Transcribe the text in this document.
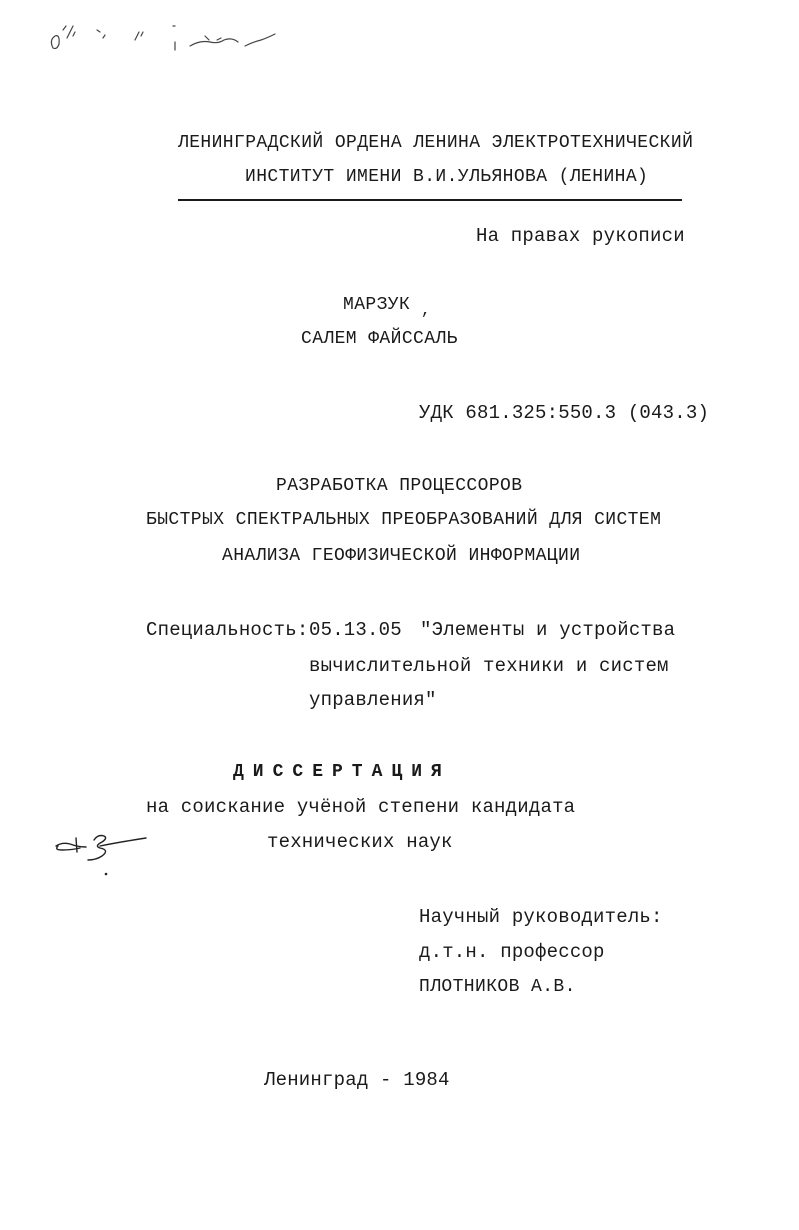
ЛЕНИНГРАДСКИЙ ОРДЕНА ЛЕНИНА ЭЛЕКТРОТЕХНИЧЕСКИЙ
ИНСТИТУТ ИМЕНИ В.И.УЛЬЯНОВА (ЛЕНИНА)
На правах рукописи
МАРЗУК ,
САЛЕМ ФАЙССАЛЬ
УДК 681.325:550.3 (043.3)
РАЗРАБОТКА ПРОЦЕССОРОВ
БЫСТРЫХ СПЕКТРАЛЬНЫХ ПРЕОБРАЗОВАНИЙ ДЛЯ СИСТЕМ
АНАЛИЗА ГЕОФИЗИЧЕСКОЙ ИНФОРМАЦИИ
Специальность: 05.13.05 "Элементы и устройства
вычислительной техники и систем
управления"
ДИССЕРТАЦИЯ
на соискание учёной степени кандидата
технических наук
Научный руководитель:
д.т.н. профессор
ПЛОТНИКОВ А.В.
Ленинград - 1984
